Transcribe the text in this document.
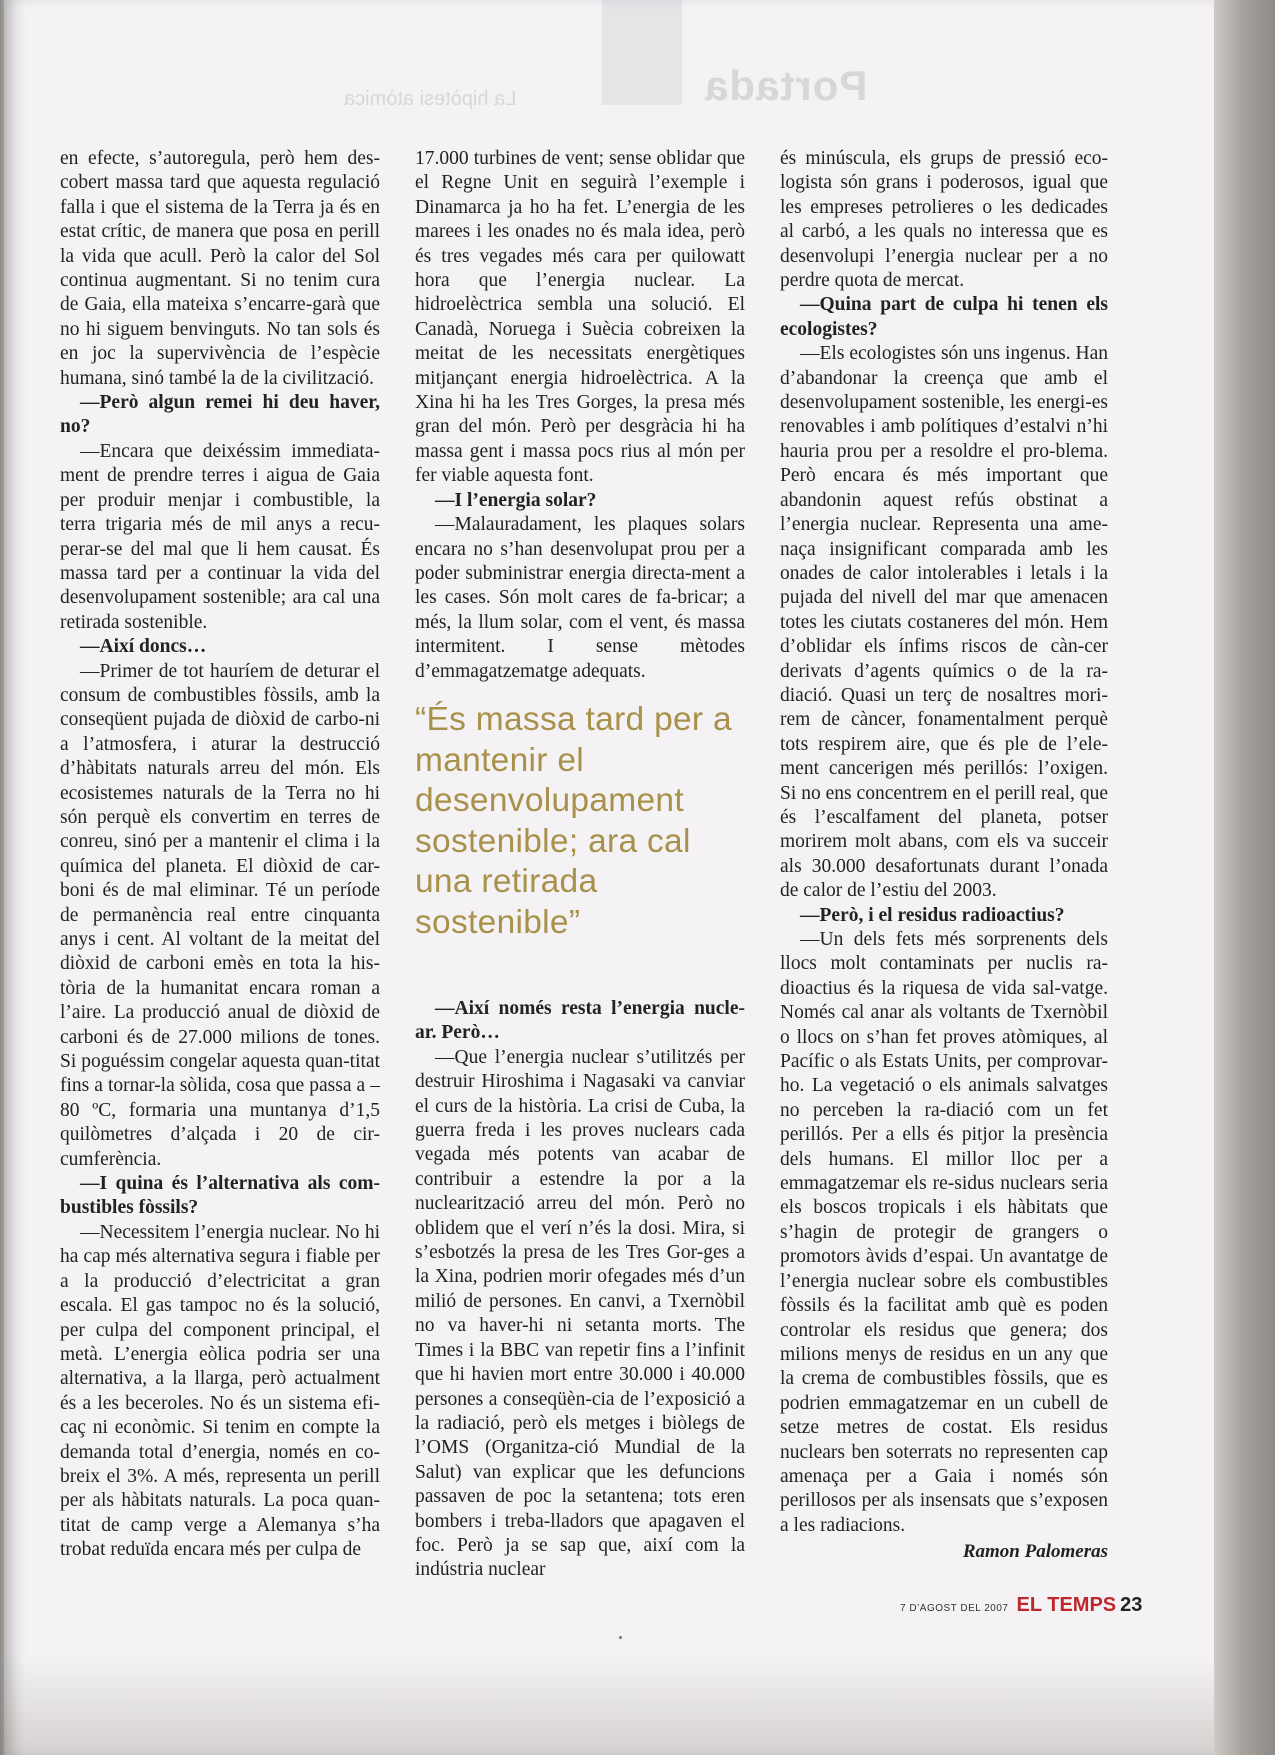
Portada
La hipòtesi atòmica

en efecte, s’autoregula, però hem des-cobert massa tard que aquesta regulació falla i que el sistema de la Terra ja és en estat crític, de manera que posa en perill la vida que acull. Però la calor del Sol continua augmentant. Si no tenim cura de Gaia, ella mateixa s’encarre-garà que no hi siguem benvinguts. No tan sols és en joc la supervivència de l’espècie humana, sinó també la de la civilització.

—Però algun remei hi deu haver, no?

—Encara que deixéssim immediata-ment de prendre terres i aigua de Gaia per produir menjar i combustible, la terra trigaria més de mil anys a recu-perar-se del mal que li hem causat. És massa tard per a continuar la vida del desenvolupament sostenible; ara cal una retirada sostenible.

—Així doncs…

—Primer de tot hauríem de deturar el consum de combustibles fòssils, amb la conseqüent pujada de diòxid de carbo-ni a l’atmosfera, i aturar la destrucció d’hàbitats naturals arreu del món. Els ecosistemes naturals de la Terra no hi són perquè els convertim en terres de conreu, sinó per a mantenir el clima i la química del planeta. El diòxid de car-boni és de mal eliminar. Té un període de permanència real entre cinquanta anys i cent. Al voltant de la meitat del diòxid de carboni emès en tota la his-tòria de la humanitat encara roman a l’aire. La producció anual de diòxid de carboni és de 27.000 milions de tones. Si poguéssim congelar aquesta quan-titat fins a tornar-la sòlida, cosa que passa a –80 ºC, formaria una muntanya d’1,5 quilòmetres d’alçada i 20 de cir-cumferència.

—I quina és l’alternativa als com-bustibles fòssils?

—Necessitem l’energia nuclear. No hi ha cap més alternativa segura i fiable per a la producció d’electricitat a gran escala. El gas tampoc no és la solució, per culpa del component principal, el metà. L’energia eòlica podria ser una alternativa, a la llarga, però actualment és a les beceroles. No és un sistema efi-caç ni econòmic. Si tenim en compte la demanda total d’energia, només en co-breix el 3%. A més, representa un perill per als hàbitats naturals. La poca quan-titat de camp verge a Alemanya s’ha trobat reduïda encara més per culpa de

17.000 turbines de vent; sense oblidar que el Regne Unit en seguirà l’exemple i Dinamarca ja ho ha fet. L’energia de les marees i les onades no és mala idea, però és tres vegades més cara per quilowatt hora que l’energia nuclear. La hidroelèctrica sembla una solució. El Canadà, Noruega i Suècia cobreixen la meitat de les necessitats energètiques mitjançant energia hidroelèctrica. A la Xina hi ha les Tres Gorges, la presa més gran del món. Però per desgràcia hi ha massa gent i massa pocs rius al món per fer viable aquesta font.

—I l’energia solar?

—Malauradament, les plaques solars encara no s’han desenvolupat prou per a poder subministrar energia directa-ment a les cases. Són molt cares de fa-bricar; a més, la llum solar, com el vent, és massa intermitent. I sense mètodes d’emmagatzematge adequats.

“És massa tard per a mantenir el desenvolupament sostenible; ara cal una retirada sostenible”

—Així només resta l’energia nucle-ar. Però…

—Que l’energia nuclear s’utilitzés per destruir Hiroshima i Nagasaki va canviar el curs de la història. La crisi de Cuba, la guerra freda i les proves nuclears cada vegada més potents van acabar de contribuir a estendre la por a la nuclearització arreu del món. Però no oblidem que el verí n’és la dosi. Mira, si s’esbotzés la presa de les Tres Gor-ges a la Xina, podrien morir ofegades més d’un milió de persones. En canvi, a Txernòbil no va haver-hi ni setanta morts. The Times i la BBC van repetir fins a l’infinit que hi havien mort entre 30.000 i 40.000 persones a conseqüèn-cia de l’exposició a la radiació, però els metges i biòlegs de l’OMS (Organitza-ció Mundial de la Salut) van explicar que les defuncions passaven de poc la setantena; tots eren bombers i treba-lladors que apagaven el foc. Però ja se sap que, així com la indústria nuclear

és minúscula, els grups de pressió eco-logista són grans i poderosos, igual que les empreses petrolieres o les dedicades al carbó, a les quals no interessa que es desenvolupi l’energia nuclear per a no perdre quota de mercat.

—Quina part de culpa hi tenen els ecologistes?

—Els ecologistes són uns ingenus. Han d’abandonar la creença que amb el desenvolupament sostenible, les energi-es renovables i amb polítiques d’estalvi n’hi hauria prou per a resoldre el pro-blema. Però encara és més important que abandonin aquest refús obstinat a l’energia nuclear. Representa una ame-naça insignificant comparada amb les onades de calor intolerables i letals i la pujada del nivell del mar que amenacen totes les ciutats costaneres del món. Hem d’oblidar els ínfims riscos de càn-cer derivats d’agents químics o de la ra-diació. Quasi un terç de nosaltres mori-rem de càncer, fonamentalment perquè tots respirem aire, que és ple de l’ele-ment cancerigen més perillós: l’oxigen. Si no ens concentrem en el perill real, que és l’escalfament del planeta, potser morirem molt abans, com els va succeir als 30.000 desafortunats durant l’onada de calor de l’estiu del 2003.

—Però, i el residus radioactius?

—Un dels fets més sorprenents dels llocs molt contaminats per nuclis ra-dioactius és la riquesa de vida sal-vatge. Només cal anar als voltants de Txernòbil o llocs on s’han fet proves atòmiques, al Pacífic o als Estats Units, per comprovar-ho. La vegetació o els animals salvatges no perceben la ra-diació com un fet perillós. Per a ells és pitjor la presència dels humans. El millor lloc per a emmagatzemar els re-sidus nuclears seria els boscos tropicals i els hàbitats que s’hagin de protegir de grangers o promotors àvids d’espai. Un avantatge de l’energia nuclear sobre els combustibles fòssils és la facilitat amb què es poden controlar els residus que genera; dos milions menys de residus en un any que la crema de combustibles fòssils, que es podrien emmagatzemar en un cubell de setze metres de costat. Els residus nuclears ben soterrats no representen cap amenaça per a Gaia i només són perillosos per als insensats que s’exposen a les radiacions.

Ramon Palomeras
7 D’AGOST DEL 2007 EL TEMPS 23
